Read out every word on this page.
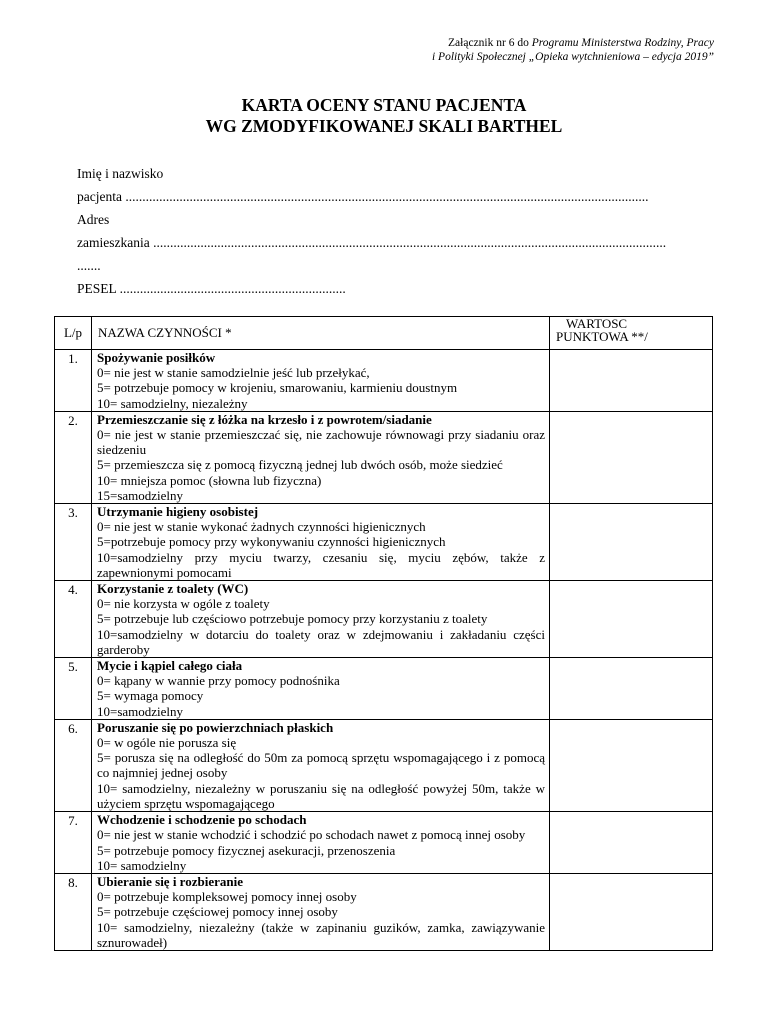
Załącznik nr 6 do Programu Ministerstwa Rodziny, Pracy
i Polityki Społecznej „Opieka wytchnieniowa – edycja 2019”
KARTA OCENY STANU PACJENTA
WG ZMODYFIKOWANEJ SKALI BARTHEL
Imię i nazwisko
pacjenta ...........................................................................................................................................................
Adres
zamieszkania ........................................................................................................................................................
.......
PESEL ...................................................................
L/p	NAZWA CZYNNOŚCI *	WARTOSC
PUNKTOWA **/

1.	Spożywanie posiłków
0= nie jest w stanie samodzielnie jeść lub przełykać,
5= potrzebuje pomocy w krojeniu, smarowaniu, karmieniu doustnym
10= samodzielny, niezależny	

2.	Przemieszczanie się z łóżka na krzesło i z powrotem/siadanie
0= nie jest w stanie przemieszczać się, nie zachowuje równowagi przy siadaniu oraz siedzeniu
5= przemieszcza się z pomocą fizyczną jednej lub dwóch osób, może siedzieć
10= mniejsza pomoc (słowna lub fizyczna)
15=samodzielny	

3.	Utrzymanie higieny osobistej
0= nie jest w stanie wykonać żadnych czynności higienicznych
5=potrzebuje pomocy przy wykonywaniu czynności higienicznych
10=samodzielny przy myciu twarzy, czesaniu się, myciu zębów, także z zapewnionymi pomocami	

4.	Korzystanie z toalety (WC)
0= nie korzysta w ogóle z toalety
5= potrzebuje lub częściowo potrzebuje pomocy przy korzystaniu z toalety
10=samodzielny w dotarciu do toalety oraz w zdejmowaniu i zakładaniu części garderoby	

5.	Mycie i kąpiel całego ciała
0= kąpany w wannie przy pomocy podnośnika
5= wymaga pomocy
10=samodzielny	

6.	Poruszanie się po powierzchniach płaskich
0= w ogóle nie porusza się
5= porusza się na odległość do 50m za pomocą sprzętu wspomagającego i z pomocą co najmniej jednej osoby
10= samodzielny, niezależny w poruszaniu się na odległość powyżej 50m, także w użyciem sprzętu wspomagającego	

7.	Wchodzenie i schodzenie po schodach
0= nie jest w stanie wchodzić i schodzić po schodach nawet z pomocą innej osoby
5= potrzebuje pomocy fizycznej asekuracji, przenoszenia
10= samodzielny	

8.	Ubieranie się i rozbieranie
0= potrzebuje kompleksowej pomocy innej osoby
5= potrzebuje częściowej pomocy innej osoby
10= samodzielny, niezależny (także w zapinaniu guzików, zamka, zawiązywanie sznurowadeł)	
